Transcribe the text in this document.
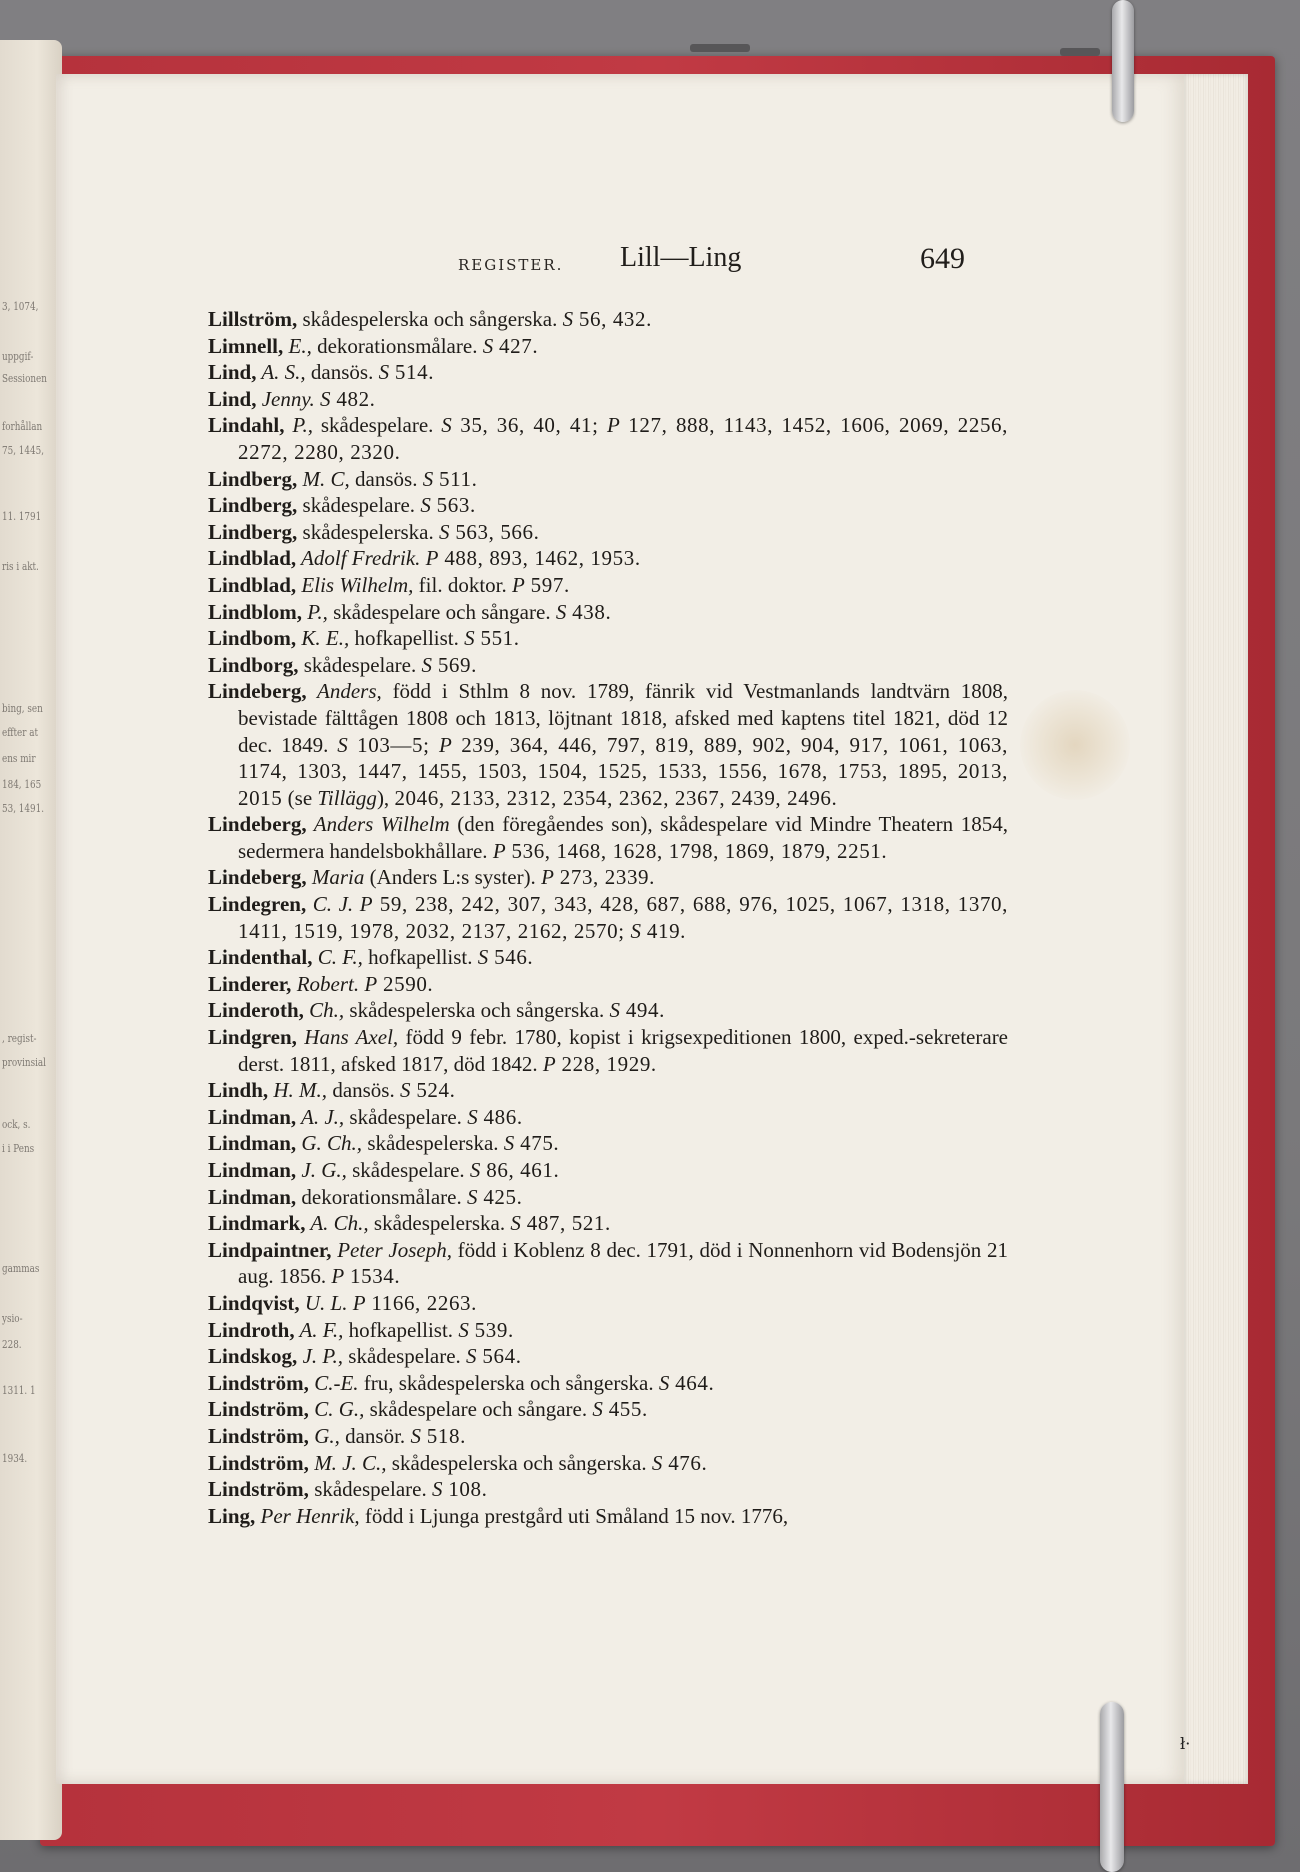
3, 1074,
uppgif-
Sessionen
forhållan
75, 1445,
11. 1791
ris i akt.
bing, sen
effter at
ens mir
184, 165
53, 1491.
, regist-
provinsial
ock, s.
i i Pens
gammas
ysio-
228.
1311. 1
1934.
REGISTER. Lill—Ling	649
Lillström, skådespelerska och sångerska. S 56, 432.
Limnell, E., dekorationsmålare. S 427.
Lind, A. S., dansös. S 514.
Lind, Jenny. S 482.
Lindahl, P., skådespelare. S 35, 36, 40, 41; P 127, 888, 1143, 1452, 1606, 2069, 2256, 2272, 2280, 2320.
Lindberg, M. C, dansös. S 511.
Lindberg, skådespelare. S 563.
Lindberg, skådespelerska. S 563, 566.
Lindblad, Adolf Fredrik. P 488, 893, 1462, 1953.
Lindblad, Elis Wilhelm, fil. doktor. P 597.
Lindblom, P., skådespelare och sångare. S 438.
Lindbom, K. E., hofkapellist. S 551.
Lindborg, skådespelare. S 569.
Lindeberg, Anders, född i Sthlm 8 nov. 1789, fänrik vid Vestmanlands landtvärn 1808, bevistade fälttågen 1808 och 1813, löjtnant 1818, afsked med kaptens titel 1821, död 12 dec. 1849. S 103—5; P 239, 364, 446, 797, 819, 889, 902, 904, 917, 1061, 1063, 1174, 1303, 1447, 1455, 1503, 1504, 1525, 1533, 1556, 1678, 1753, 1895, 2013, 2015 (se Tillägg), 2046, 2133, 2312, 2354, 2362, 2367, 2439, 2496.
Lindeberg, Anders Wilhelm (den föregåendes son), skådespelare vid Mindre Theatern 1854, sedermera handelsbokhållare. P 536, 1468, 1628, 1798, 1869, 1879, 2251.
Lindeberg, Maria (Anders L:s syster). P 273, 2339.
Lindegren, C. J. P 59, 238, 242, 307, 343, 428, 687, 688, 976, 1025, 1067, 1318, 1370, 1411, 1519, 1978, 2032, 2137, 2162, 2570; S 419.
Lindenthal, C. F., hofkapellist. S 546.
Linderer, Robert. P 2590.
Linderoth, Ch., skådespelerska och sångerska. S 494.
Lindgren, Hans Axel, född 9 febr. 1780, kopist i krigsexpeditionen 1800, exped.-sekreterare derst. 1811, afsked 1817, död 1842. P 228, 1929.
Lindh, H. M., dansös. S 524.
Lindman, A. J., skådespelare. S 486.
Lindman, G. Ch., skådespelerska. S 475.
Lindman, J. G., skådespelare. S 86, 461.
Lindman, dekorationsmålare. S 425.
Lindmark, A. Ch., skådespelerska. S 487, 521.
Lindpaintner, Peter Joseph, född i Koblenz 8 dec. 1791, död i Nonnenhorn vid Bodensjön 21 aug. 1856. P 1534.
Lindqvist, U. L. P 1166, 2263.
Lindroth, A. F., hofkapellist. S 539.
Lindskog, J. P., skådespelare. S 564.
Lindström, C.-E. fru, skådespelerska och sångerska. S 464.
Lindström, C. G., skådespelare och sångare. S 455.
Lindström, G., dansör. S 518.
Lindström, M. J. C., skådespelerska och sångerska. S 476.
Lindström, skådespelare. S 108.
Ling, Per Henrik, född i Ljunga prestgård uti Småland 15 nov. 1776,
ł·
